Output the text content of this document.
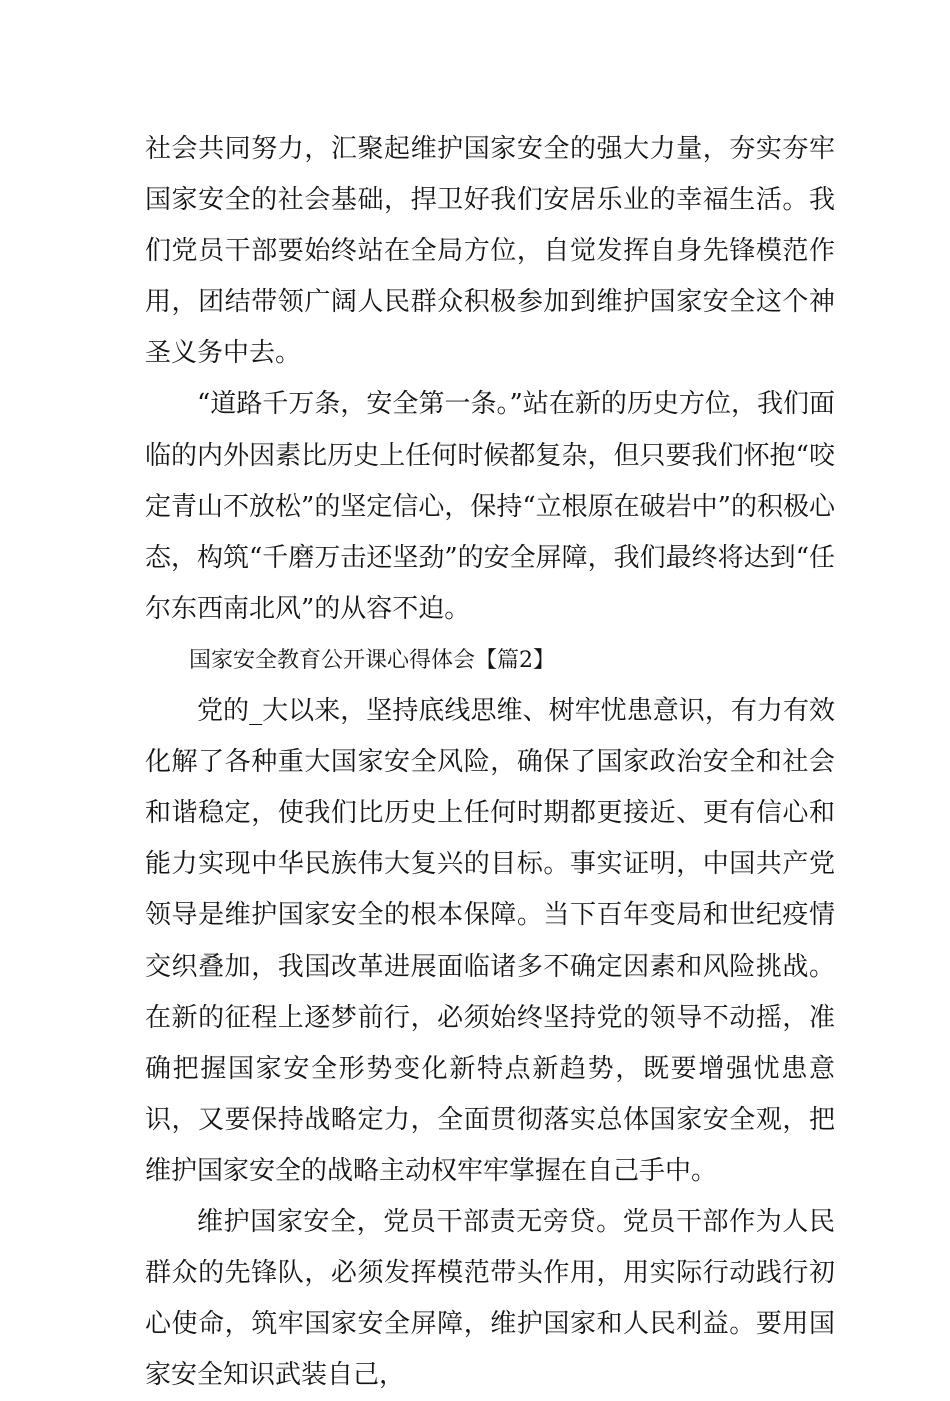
社会共同努力，汇聚起维护国家安全的强大力量，夯实夯牢国家安全的社会基础，捍卫好我们安居乐业的幸福生活。我们党员干部要始终站在全局方位，自觉发挥自身先锋模范作用，团结带领广阔人民群众积极参加到维护国家安全这个神圣义务中去。

“道路千万条，安全第一条。”站在新的历史方位，我们面临的内外因素比历史上任何时候都复杂，但只要我们怀抱“咬定青山不放松”的坚定信心，保持“立根原在破岩中”的积极心态，构筑“千磨万击还坚劲”的安全屏障，我们最终将达到“任尔东西南北风”的从容不迫。

国家安全教育公开课心得体会【篇2】

党的_大以来，坚持底线思维、树牢忧患意识，有力有效化解了各种重大国家安全风险，确保了国家政治安全和社会和谐稳定，使我们比历史上任何时期都更接近、更有信心和能力实现中华民族伟大复兴的目标。事实证明，中国共产党领导是维护国家安全的根本保障。当下百年变局和世纪疫情交织叠加，我国改革进展面临诸多不确定因素和风险挑战。在新的征程上逐梦前行，必须始终坚持党的领导不动摇，准确把握国家安全形势变化新特点新趋势，既要增强忧患意识，又要保持战略定力，全面贯彻落实总体国家安全观，把维护国家安全的战略主动权牢牢掌握在自己手中。

维护国家安全，党员干部责无旁贷。党员干部作为人民群众的先锋队，必须发挥模范带头作用，用实际行动践行初心使命，筑牢国家安全屏障，维护国家和人民利益。要用国家安全知识武装自己，
